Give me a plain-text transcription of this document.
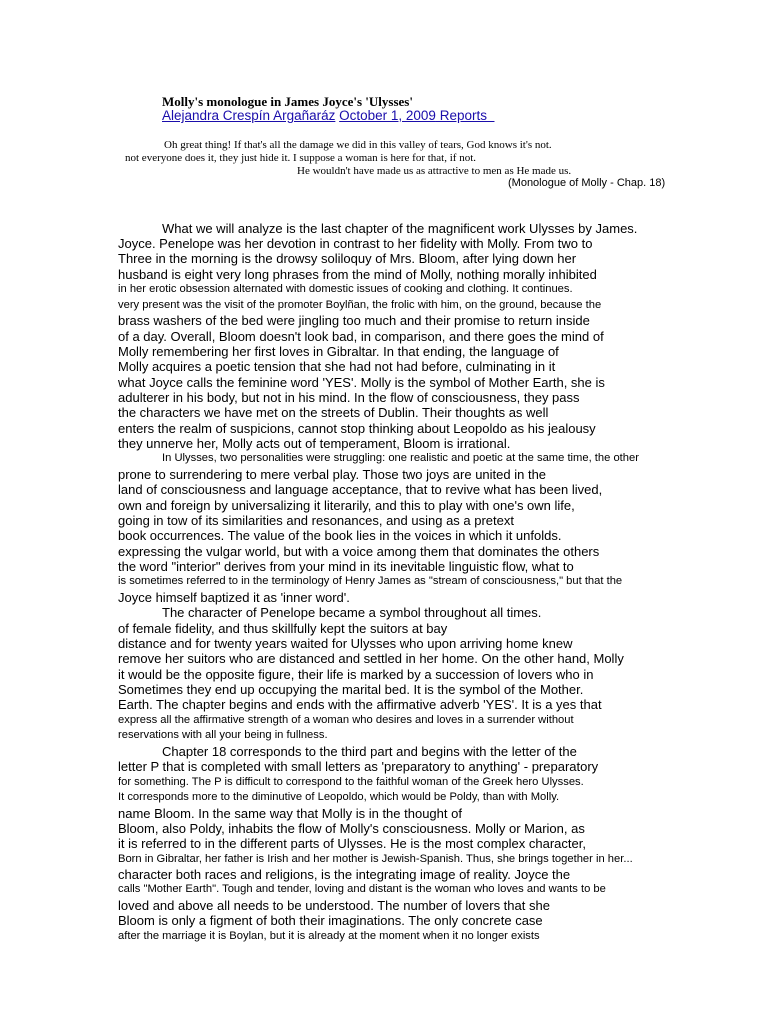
Molly's monologue in James Joyce's 'Ulysses'
Alejandra Crespín Argañaráz October 1, 2009 Reports
Oh great thing! If that's all the damage we did in this valley of tears, God knows it's not.
not everyone does it, they just hide it. I suppose a woman is here for that, if not.
He wouldn't have made us as attractive to men as He made us.
(Monologue of Molly - Chap. 18)
What we will analyze is the last chapter of the magnificent work Ulysses by James.
Joyce. Penelope was her devotion in contrast to her fidelity with Molly. From two to
Three in the morning is the drowsy soliloquy of Mrs. Bloom, after lying down her
husband is eight very long phrases from the mind of Molly, nothing morally inhibited
in her erotic obsession alternated with domestic issues of cooking and clothing. It continues.
very present was the visit of the promoter Boylñan, the frolic with him, on the ground, because the
brass washers of the bed were jingling too much and their promise to return inside
of a day. Overall, Bloom doesn't look bad, in comparison, and there goes the mind of
Molly remembering her first loves in Gibraltar. In that ending, the language of
Molly acquires a poetic tension that she had not had before, culminating in it
what Joyce calls the feminine word 'YES'. Molly is the symbol of Mother Earth, she is
adulterer in his body, but not in his mind. In the flow of consciousness, they pass
the characters we have met on the streets of Dublin. Their thoughts as well
enters the realm of suspicions, cannot stop thinking about Leopoldo as his jealousy
they unnerve her, Molly acts out of temperament, Bloom is irrational.
In Ulysses, two personalities were struggling: one realistic and poetic at the same time, the other
prone to surrendering to mere verbal play. Those two joys are united in the
land of consciousness and language acceptance, that to revive what has been lived,
own and foreign by universalizing it literarily, and this to play with one's own life,
going in tow of its similarities and resonances, and using as a pretext
book occurrences. The value of the book lies in the voices in which it unfolds.
expressing the vulgar world, but with a voice among them that dominates the others
the word "interior" derives from your mind in its inevitable linguistic flow, what to
is sometimes referred to in the terminology of Henry James as "stream of consciousness," but that the
Joyce himself baptized it as 'inner word'.
The character of Penelope became a symbol throughout all times.
of female fidelity, and thus skillfully kept the suitors at bay
distance and for twenty years waited for Ulysses who upon arriving home knew
remove her suitors who are distanced and settled in her home. On the other hand, Molly
it would be the opposite figure, their life is marked by a succession of lovers who in
Sometimes they end up occupying the marital bed. It is the symbol of the Mother.
Earth. The chapter begins and ends with the affirmative adverb 'YES'. It is a yes that
express all the affirmative strength of a woman who desires and loves in a surrender without
reservations with all your being in fullness.
Chapter 18 corresponds to the third part and begins with the letter of the
letter P that is completed with small letters as 'preparatory to anything' - preparatory
for something. The P is difficult to correspond to the faithful woman of the Greek hero Ulysses.
It corresponds more to the diminutive of Leopoldo, which would be Poldy, than with Molly.
name Bloom. In the same way that Molly is in the thought of
Bloom, also Poldy, inhabits the flow of Molly's consciousness. Molly or Marion, as
it is referred to in the different parts of Ulysses. He is the most complex character,
Born in Gibraltar, her father is Irish and her mother is Jewish-Spanish. Thus, she brings together in her...
character both races and religions, is the integrating image of reality. Joyce the
calls "Mother Earth". Tough and tender, loving and distant is the woman who loves and wants to be
loved and above all needs to be understood. The number of lovers that she
Bloom is only a figment of both their imaginations. The only concrete case
after the marriage it is Boylan, but it is already at the moment when it no longer exists
